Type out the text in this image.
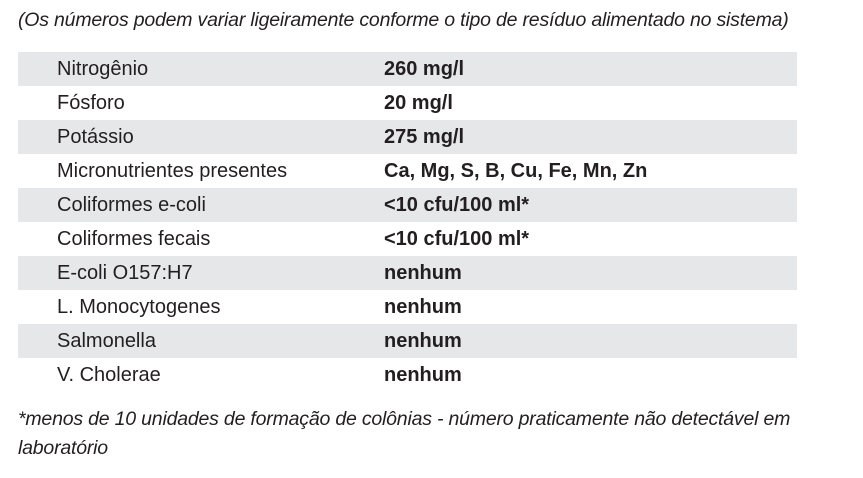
(Os números podem variar ligeiramente conforme o tipo de resíduo alimentado no sistema)
Nitrogênio	260 mg/l
Fósforo	20 mg/l
Potássio	275 mg/l
Micronutrientes presentes	Ca, Mg, S, B, Cu, Fe, Mn, Zn
Coliformes e-coli	<10 cfu/100 ml*
Coliformes fecais	<10 cfu/100 ml*
E-coli O157:H7	nenhum
L. Monocytogenes	nenhum
Salmonella	nenhum
V. Cholerae	nenhum
*menos de 10 unidades de formação de colônias - número praticamente não detectável em laboratório
